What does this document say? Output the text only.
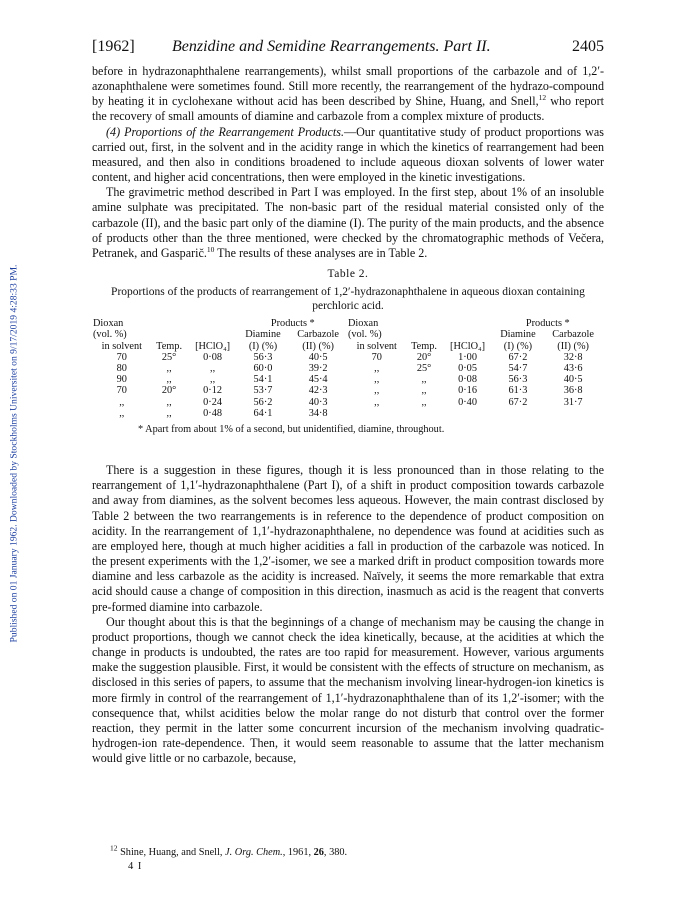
Published on 01 January 1962. Downloaded by Stockholms Universitet on 9/17/2019 4:28:33 PM.
[1962] Benzidine and Semidine Rearrangements. Part II.	2405

before in hydrazonaphthalene rearrangements), whilst small proportions of the carbazole and of 1,2′-azonaphthalene were sometimes found. Still more recently, the rearrangement of the hydrazo-compound by heating it in cyclohexane without acid has been described by Shine, Huang, and Snell,$^{12}$ who report the recovery of small amounts of diamine and carbazole from a complex mixture of products.

(4) Proportions of the Rearrangement Products.—Our quantitative study of product proportions was carried out, first, in the solvent and in the acidity range in which the kinetics of rearrangement had been measured, and then also in conditions broadened to include aqueous dioxan solvents of lower water content, and higher acid concentrations, then were employed in the kinetic investigations.

The gravimetric method described in Part I was employed. In the first step, about 1% of an insoluble amine sulphate was precipitated. The non-basic part of the residual material consisted only of the carbazole (II), and the basic part only of the diamine (I). The purity of the main products, and the absence of products other than the three mentioned, were checked by the chromatographic methods of Večera, Petranek, and Gasparič.$^{10}$ The results of these analyses are in Table 2.

Table 2.
Proportions of the products of rearrangement of 1,2′-hydrazonaphthalene in aqueous dioxan containing perchloric acid.
Dioxan			Products *		Dioxan			Products *	
(vol. %)			Diamine	Carbazole	(vol. %)			Diamine	Carbazole
in solvent	Temp.	[HClO₄]	(I) (%)	(II) (%)	in solvent	Temp.	[HClO₄]	(I) (%)	(II) (%)
70	25°	0·08	56·3	40·5	70	20°	1·00	67·2	32·8
80	,,	,,	60·0	39·2	,,	25°	0·05	54·7	43·6
90	,,	,,	54·1	45·4	,,	,,	0·08	56·3	40·5
70	20°	0·12	53·7	42·3	,,	,,	0·16	61·3	36·8
,,	,,	0·24	56·2	40·3	,,	,,	0·40	67·2	31·7
,,	,,	0·48	64·1	34·8					
* Apart from about 1% of a second, but unidentified, diamine, throughout.

There is a suggestion in these figures, though it is less pronounced than in those relating to the rearrangement of 1,1′-hydrazonaphthalene (Part I), of a shift in product composition towards carbazole and away from diamines, as the solvent becomes less aqueous. However, the main contrast disclosed by Table 2 between the two rearrangements is in reference to the dependence of product composition on acidity. In the rearrangement of 1,1′-hydrazonaphthalene, no dependence was found at acidities such as are employed here, though at much higher acidities a fall in production of the carbazole was noticed. In the present experiments with the 1,2′-isomer, we see a marked drift in product composition towards more diamine and less carbazole as the acidity is increased. Naïvely, it seems the more remarkable that extra acid should cause a change of composition in this direction, inasmuch as acid is the reagent that converts pre-formed diamine into carbazole.

Our thought about this is that the beginnings of a change of mechanism may be causing the change in product proportions, though we cannot check the idea kinetically, because, at the acidities at which the change in products is undoubted, the rates are too rapid for measurement. However, various arguments make the suggestion plausible. First, it would be consistent with the effects of structure on mechanism, as disclosed in this series of papers, to assume that the mechanism involving linear-hydrogen-ion kinetics is more firmly in control of the rearrangement of 1,1′-hydrazonaphthalene than of its 1,2′-isomer; with the consequence that, whilst acidities below the molar range do not disturb that control over the former reaction, they permit in the latter some concurrent incursion of the mechanism involving quadratic-hydrogen-ion rate-dependence. Then, it would seem reasonable to assume that the latter mechanism would give little or no carbazole, because,

$^{12}$ Shine, Huang, and Snell, J. Org. Chem., 1961, 26, 380.
4 I
